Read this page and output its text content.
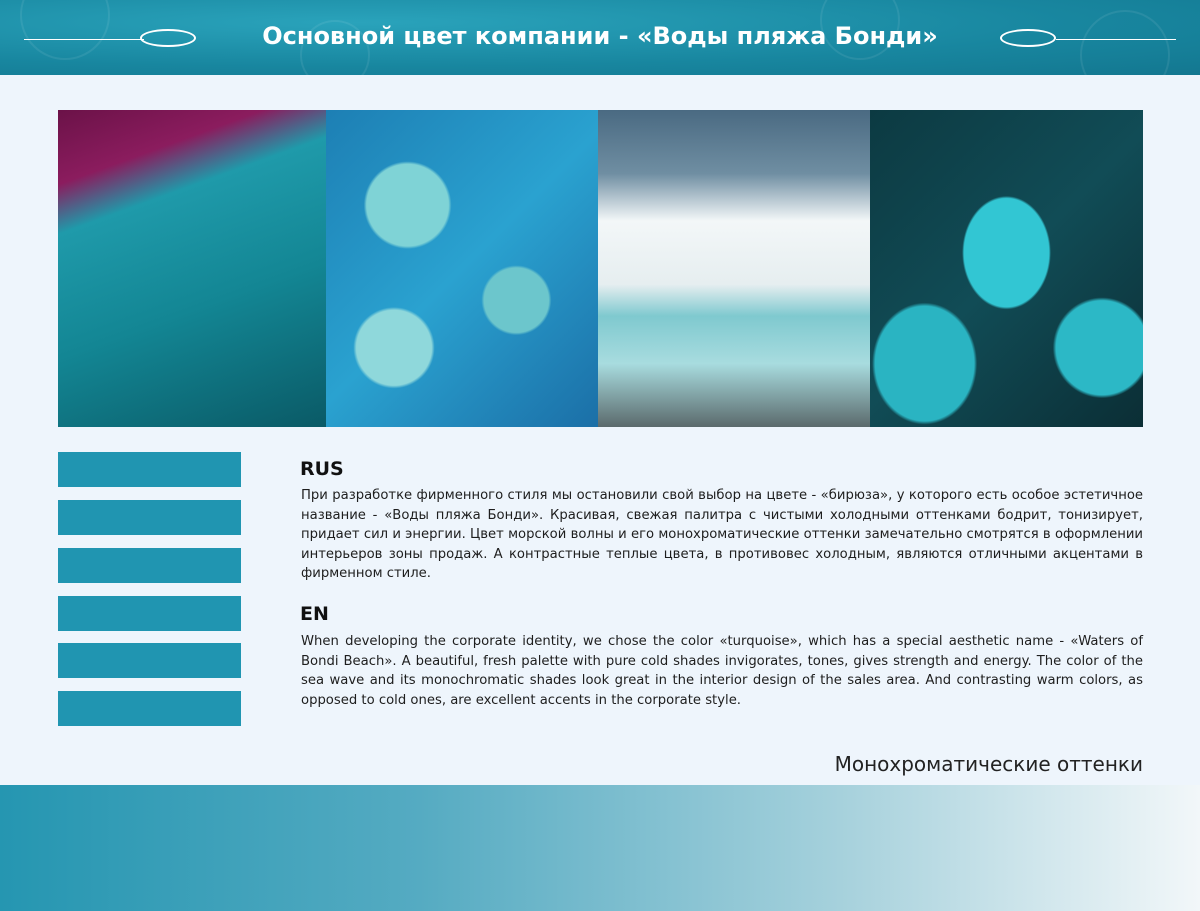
Основной цвет компании - «Воды пляжа Бонди»
RUS
При разработке фирменного стиля мы остановили свой выбор на цвете - «бирюза», у которого есть особое эстетичное название - «Воды пляжа Бонди». Красивая, свежая палитра с чистыми холодными оттенками бодрит, тонизирует, придает сил и энергии. Цвет морской волны и его монохроматические оттенки замечательно смотрятся в оформлении интерьеров зоны продаж. А контрастные теплые цвета, в противовес холодным, являются отличными акцентами в фирменном стиле.
EN
When developing the corporate identity, we chose the color «turquoise», which has a special aesthetic name - «Waters of Bondi Beach». A beautiful, fresh palette with pure cold shades invigorates, tones, gives strength and energy. The color of the sea wave and its monochromatic shades look great in the interior design of the sales area. And contrasting warm colors, as opposed to cold ones, are excellent accents in the corporate style.
Монохроматические оттенки
